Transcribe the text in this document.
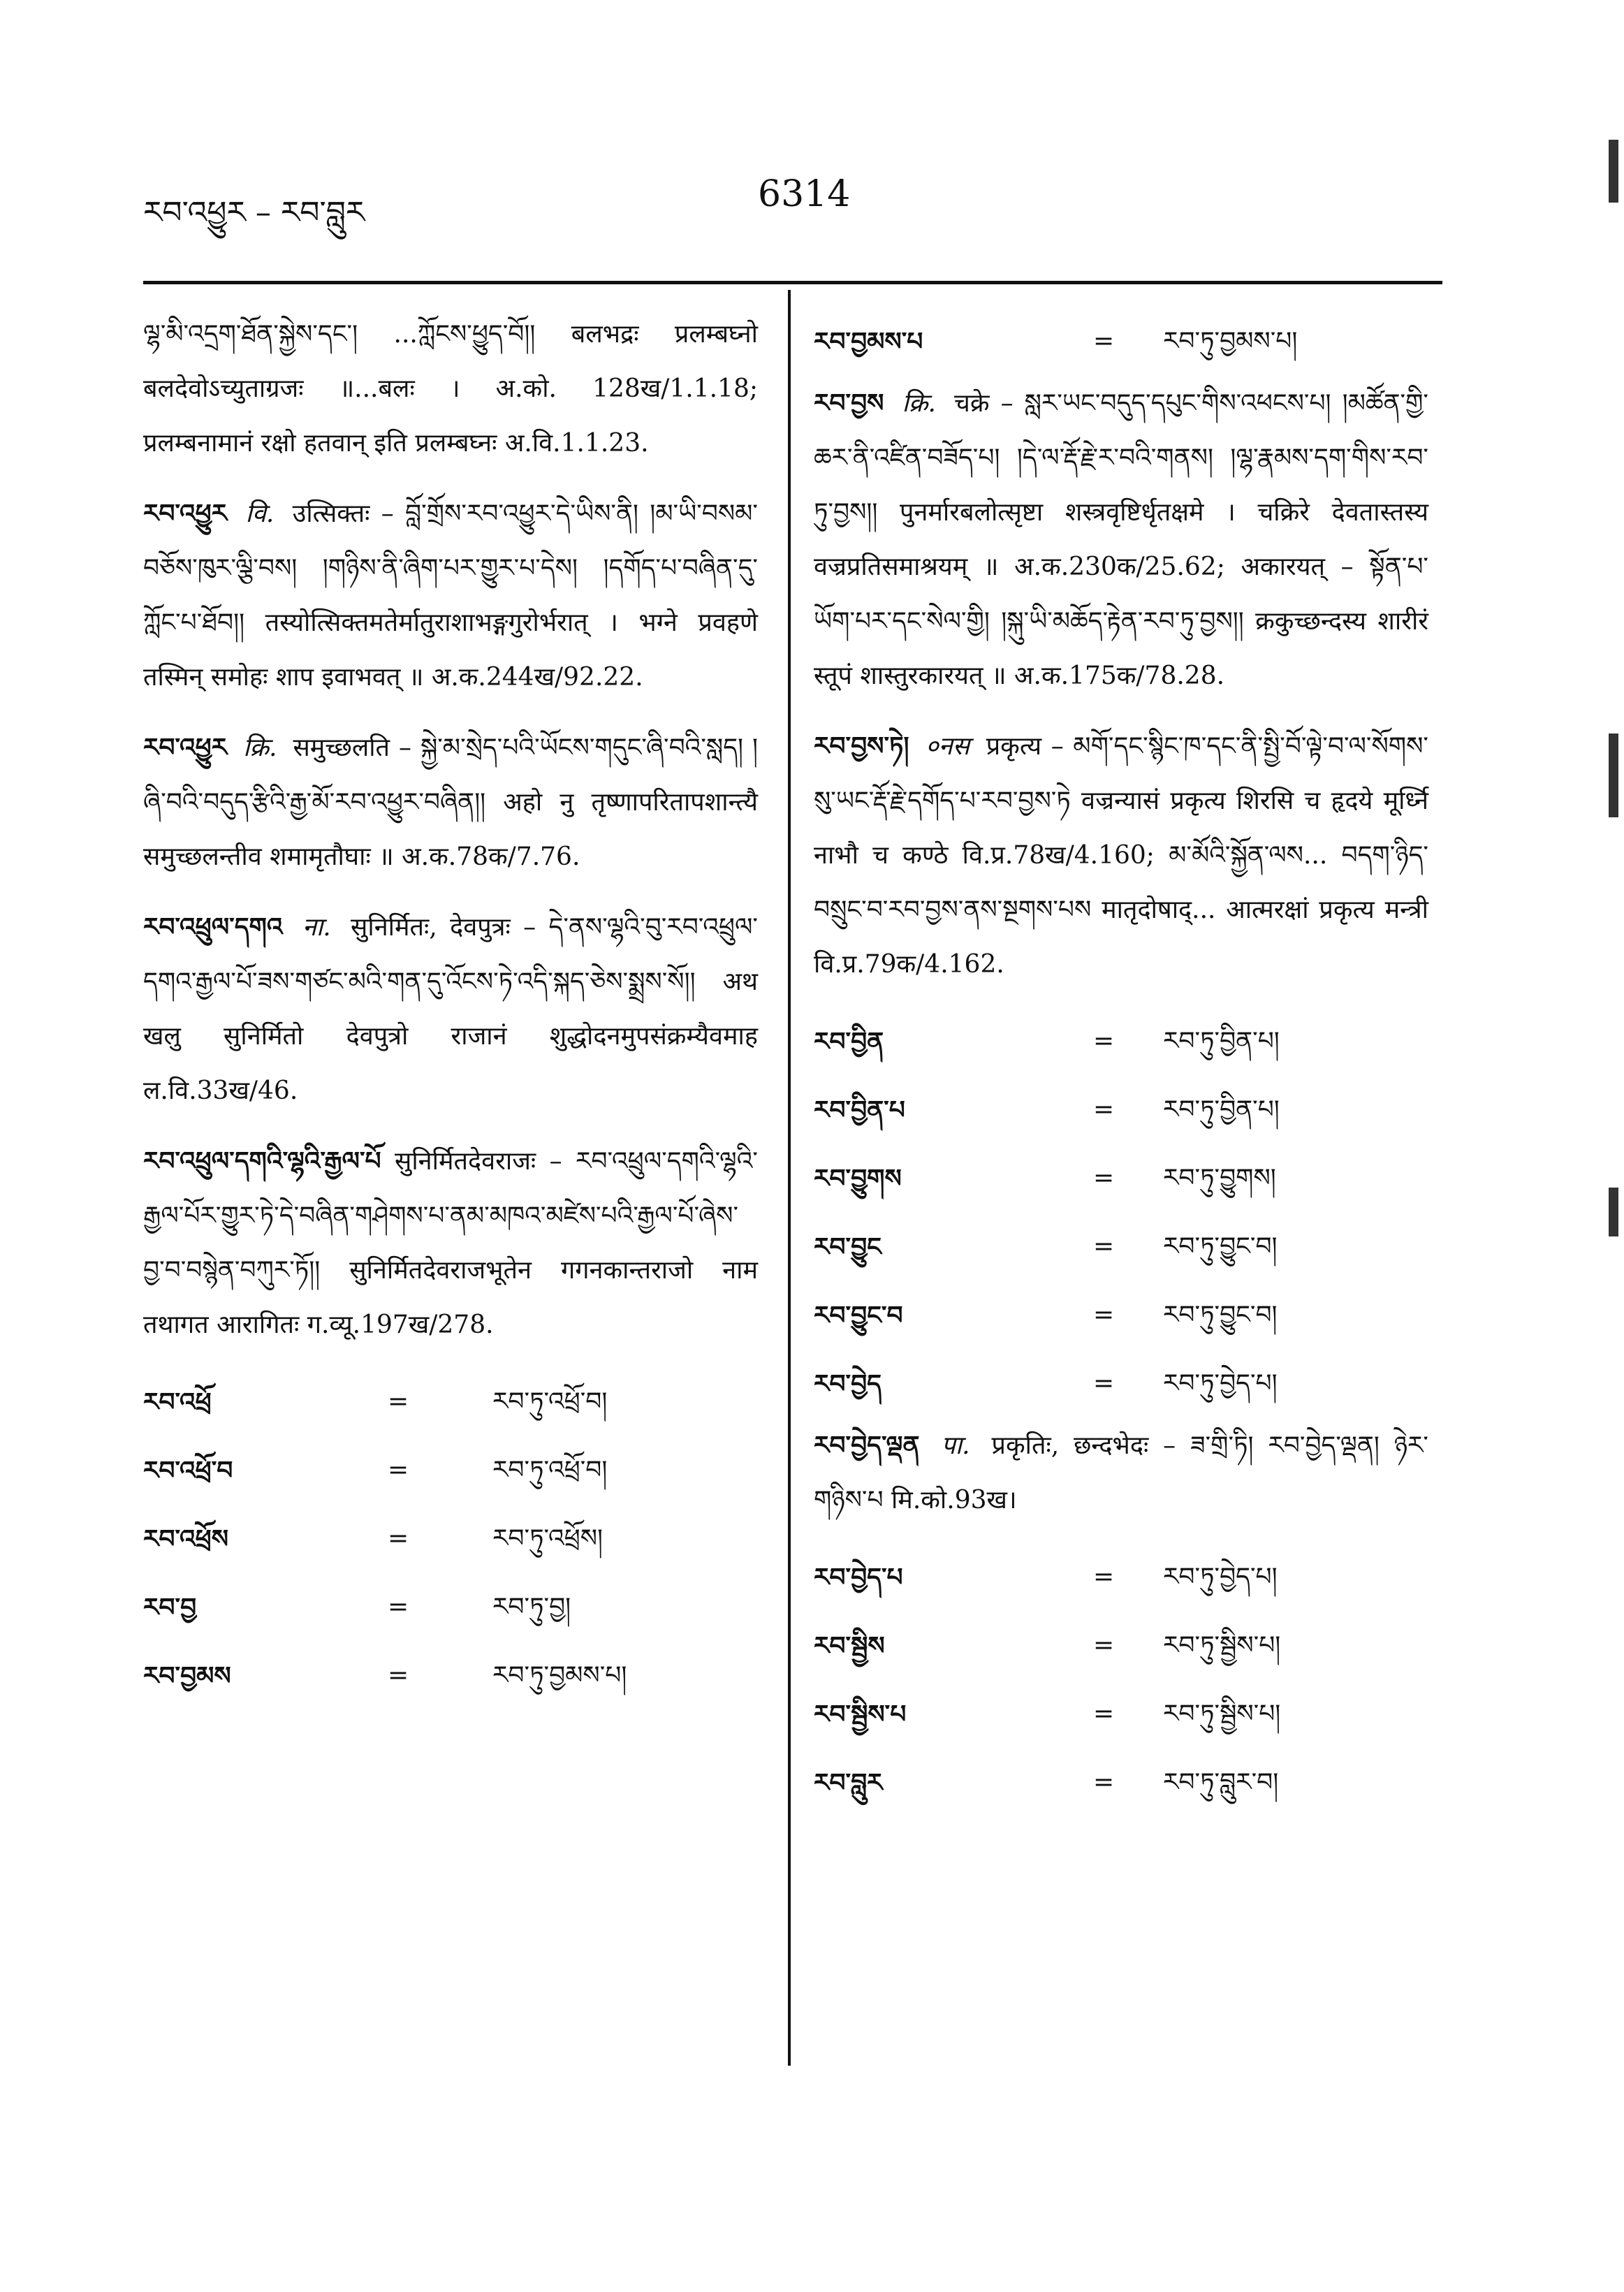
རབ་འཕྱུར – རབ་བླུར	6314

ལྷ་མི་འདྲག་ཐོན་སྐྱེས་དང་། ...ཀློངས་ཕྱུད་བོ།། बलभद्रः प्रलम्बघ्नो बलदेवोऽच्युताग्रजः ॥...बलः । अ.को. 128ख/1.1.18; प्रलम्बनामानं रक्षो हतवान् इति प्रलम्बघ्नः अ.वि.1.1.23.

རབ་འཕྱུར वि. उत्सिक्तः – བློ་གྲོས་རབ་འཕྱུར་དེ་ཡིས་ནི། །མ་ཡི་བསམ་བཅོས་ཁུར་ལྕི་བས། །གཉིས་ནི་ཞིག་པར་གྱུར་པ་དེས། །དགོད་པ་བཞིན་དུ་ཀློང་པ་ཐོབ།། तस्योत्सिक्तमतेर्मातुराशाभङ्गगुरोर्भरात् । भग्ने प्रवहणे तस्मिन् समोहः शाप इवाभवत् ॥ अ.क.244ख/92.22.

རབ་འཕྱུར क्रि. समुच्छलति – སྐྱེ་མ་སྲེད་པའི་ཡོངས་གདུང་ཞི་བའི་སླད། །ཞི་བའི་བདུད་རྩིའི་རྒྱ་མོ་རབ་འཕྱུར་བཞིན།། अहो नु तृष्णापरितापशान्त्यै समुच्छलन्तीव शमामृतौघाः ॥ अ.क.78क/7.76.

རབ་འཕྲུལ་དགའ ना. सुनिर्मितः, देवपुत्रः – དེ་ནས་ལྷའི་བུ་རབ་འཕྲུལ་དགའ་རྒྱལ་པོ་ཟས་གཙང་མའི་གན་དུ་འོངས་ཏེ་འདི་སྐད་ཅེས་སྨྲས་སོ།། अथ खलु सुनिर्मितो देवपुत्रो राजानं शुद्धोदनमुपसंक्रम्यैवमाह ल.वि.33ख/46.

རབ་འཕྲུལ་དགའི་ལྷའི་རྒྱལ་པོ सुनिर्मितदेवराजः – རབ་འཕྲུལ་དགའི་ལྷའི་རྒྱལ་པོར་གྱུར་ཏེ་དེ་བཞིན་གཤེགས་པ་ནམ་མཁའ་མཛེས་པའི་རྒྱལ་པོ་ཞེས་བྱ་བ་བསྙེན་བཀུར་ཏོ།། सुनिर्मितदेवराजभूतेन गगनकान्तराजो नाम तथागत आरागितः ग.व्यू.197ख/278.

རབ་འཕྲོ	=	རབ་ཏུ་འཕྲོ་བ།
རབ་འཕྲོ་བ	=	རབ་ཏུ་འཕྲོ་བ།
རབ་འཕྲོས	=	རབ་ཏུ་འཕྲོས།
རབ་བྱ	=	རབ་ཏུ་བྱ།
རབ་བྱམས	=	རབ་ཏུ་བྱམས་པ།
རབ་བྱམས་པ	=	རབ་ཏུ་བྱམས་པ།

རབ་བྱས क्रि. चक्रे – སླར་ཡང་བདུད་དཔུང་གིས་འཕངས་པ། །མཚོན་གྱི་ཆར་ནི་འཛིན་བཟོད་པ། །དེ་ལ་རྡོ་རྗེ་ར་བའི་གནས། །ལྷ་རྣམས་དག་གིས་རབ་ཏུ་བྱས།། पुनर्मारबलोत्सृष्टा शस्त्रवृष्टिर्धृतक्षमे । चक्रिरे देवतास्तस्य वज्रप्रतिसमाश्रयम् ॥ अ.क.230क/25.62; अकारयत् – སྟོན་པ་ཡོག་པར་དང་སེལ་གྱི། །སྐུ་ཡི་མཆོད་རྟེན་རབ་ཏུ་བྱས།། क्रकुच्छन्दस्य शारीरं स्तूपं शास्तुरकारयत् ॥ अ.क.175क/78.28.

རབ་བྱས་ཏེ། ०नस प्रकृत्य – མགོ་དང་སྙིང་ཁ་དང་ནི་སྤྱི་བོ་ལྟེ་བ་ལ་སོགས་སུ་ཡང་རྡོ་རྗེ་དགོད་པ་རབ་བྱས་ཏེ वज्रन्यासं प्रकृत्य शिरसि च हृदये मूर्ध्नि नाभौ च कण्ठे वि.प्र.78ख/4.160; མ་མོའི་སྐྱོན་ལས... བདག་ཉིད་བསྲུང་བ་རབ་བྱས་ནས་སྔགས་པས मातृदोषाद्... आत्मरक्षां प्रकृत्य मन्त्री वि.प्र.79क/4.162.

རབ་བྱིན	=	རབ་ཏུ་བྱིན་པ།
རབ་བྱིན་པ	=	རབ་ཏུ་བྱིན་པ།
རབ་བྱུགས	=	རབ་ཏུ་བྱུགས།
རབ་བྱུང	=	རབ་ཏུ་བྱུང་བ།
རབ་བྱུང་བ	=	རབ་ཏུ་བྱུང་བ།
རབ་བྱེད	=	རབ་ཏུ་བྱེད་པ།

རབ་བྱེད་ལྡན पा. प्रकृतिः, छन्दभेदः – ཟ་གྲི་ཏི། རབ་བྱེད་ལྡན། ཉེར་གཉིས་པ मि.को.93ख।

རབ་བྱེད་པ	=	རབ་ཏུ་བྱེད་པ།
རབ་སྦྱིས	=	རབ་ཏུ་སྦྱིས་པ།
རབ་སྦྱིས་པ	=	རབ་ཏུ་སྦྱིས་པ།
རབ་བླུར	=	རབ་ཏུ་བླུར་བ།
